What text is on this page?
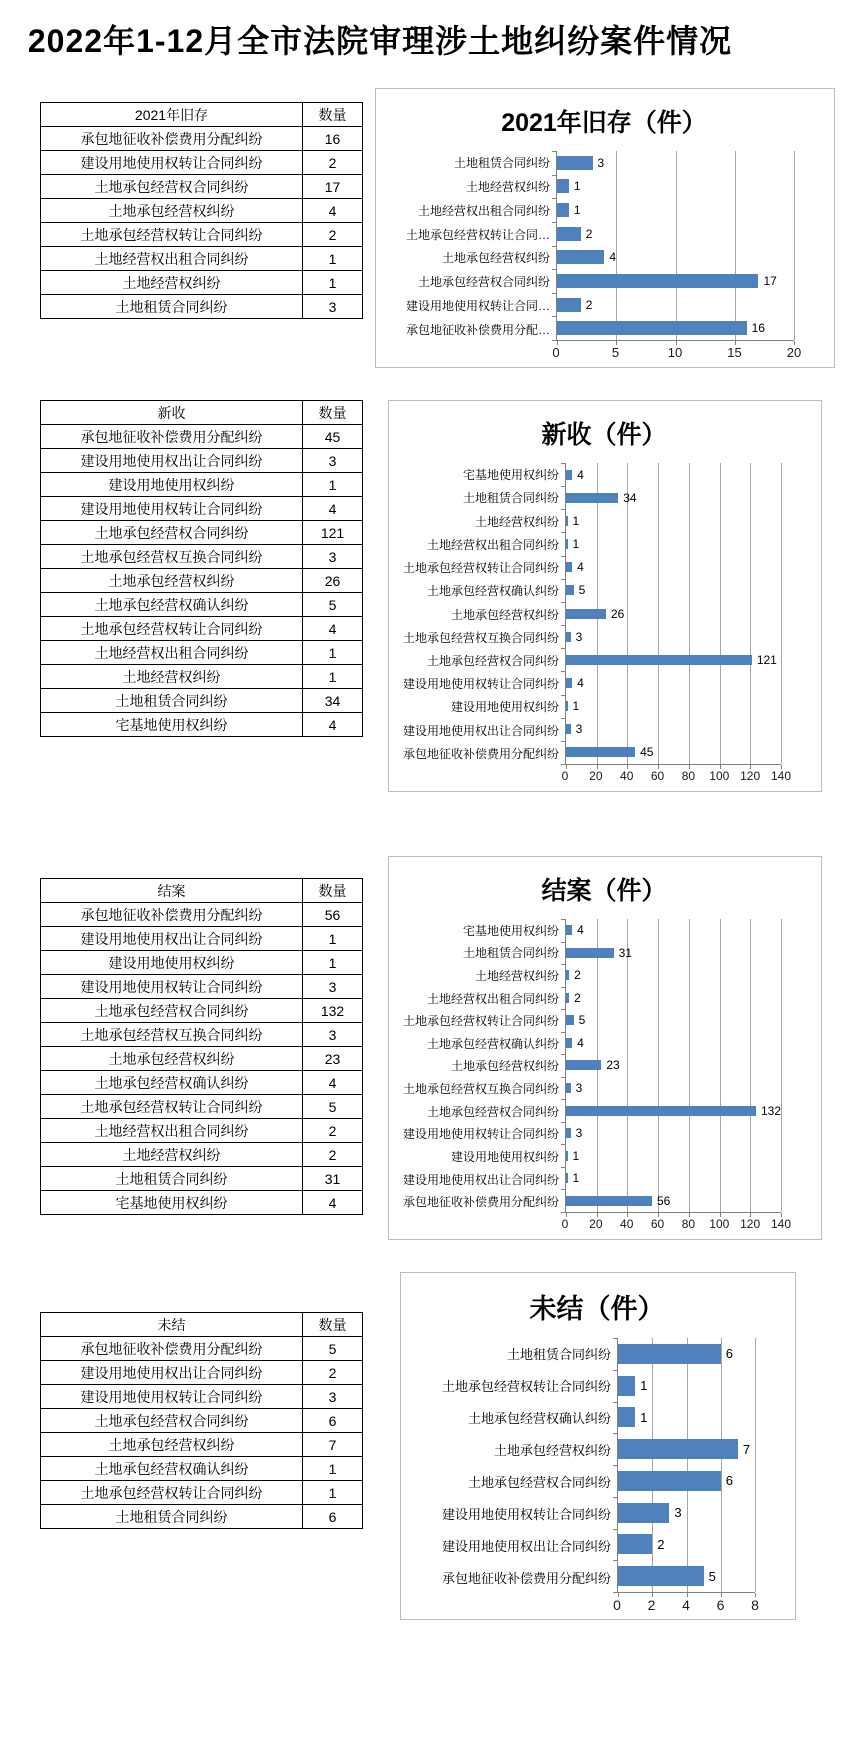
2022年1-12月全市法院审理涉土地纠纷案件情况
2021年旧存	数量
承包地征收补偿费用分配纠纷	16
建设用地使用权转让合同纠纷	2
土地承包经营权合同纠纷	17
土地承包经营权纠纷	4
土地承包经营权转让合同纠纷	2
土地经营权出租合同纠纷	1
土地经营权纠纷	1
土地租赁合同纠纷	3
2021年旧存（件）
土地租赁合同纠纷
土地经营权纠纷
土地经营权出租合同纠纷
土地承包经营权转让合同…
土地承包经营权纠纷
土地承包经营权合同纠纷
建设用地使用权转让合同…
承包地征收补偿费用分配…
3
1
1
2
4
17
2
16
0	5	10	15	20
新收	数量
承包地征收补偿费用分配纠纷	45
建设用地使用权出让合同纠纷	3
建设用地使用权纠纷	1
建设用地使用权转让合同纠纷	4
土地承包经营权合同纠纷	121
土地承包经营权互换合同纠纷	3
土地承包经营权纠纷	26
土地承包经营权确认纠纷	5
土地承包经营权转让合同纠纷	4
土地经营权出租合同纠纷	1
土地经营权纠纷	1
土地租赁合同纠纷	34
宅基地使用权纠纷	4
新收（件）
宅基地使用权纠纷
土地租赁合同纠纷
土地经营权纠纷
土地经营权出租合同纠纷
土地承包经营权转让合同纠纷
土地承包经营权确认纠纷
土地承包经营权纠纷
土地承包经营权互换合同纠纷
土地承包经营权合同纠纷
建设用地使用权转让合同纠纷
建设用地使用权纠纷
建设用地使用权出让合同纠纷
承包地征收补偿费用分配纠纷
4
34
1
1
4
5
26
3
121
4
1
3
45
0 20 40 60 80 100 120 140
结案	数量
承包地征收补偿费用分配纠纷	56
建设用地使用权出让合同纠纷	1
建设用地使用权纠纷	1
建设用地使用权转让合同纠纷	3
土地承包经营权合同纠纷	132
土地承包经营权互换合同纠纷	3
土地承包经营权纠纷	23
土地承包经营权确认纠纷	4
土地承包经营权转让合同纠纷	5
土地经营权出租合同纠纷	2
土地经营权纠纷	2
土地租赁合同纠纷	31
宅基地使用权纠纷	4
结案（件）
宅基地使用权纠纷
土地租赁合同纠纷
土地经营权纠纷
土地经营权出租合同纠纷
土地承包经营权转让合同纠纷
土地承包经营权确认纠纷
土地承包经营权纠纷
土地承包经营权互换合同纠纷
土地承包经营权合同纠纷
建设用地使用权转让合同纠纷
建设用地使用权纠纷
建设用地使用权出让合同纠纷
承包地征收补偿费用分配纠纷
4
31
2
2
5
4
23
3
132
3
1
1
56
0 20 40 60 80 100 120 140
未结	数量
承包地征收补偿费用分配纠纷	5
建设用地使用权出让合同纠纷	2
建设用地使用权转让合同纠纷	3
土地承包经营权合同纠纷	6
土地承包经营权纠纷	7
土地承包经营权确认纠纷	1
土地承包经营权转让合同纠纷	1
土地租赁合同纠纷	6
未结（件）
土地租赁合同纠纷
土地承包经营权转让合同纠纷
土地承包经营权确认纠纷
土地承包经营权纠纷
土地承包经营权合同纠纷
建设用地使用权转让合同纠纷
建设用地使用权出让合同纠纷
承包地征收补偿费用分配纠纷
6
1
1
7
6
3
2
5
0 2 4 6 8
